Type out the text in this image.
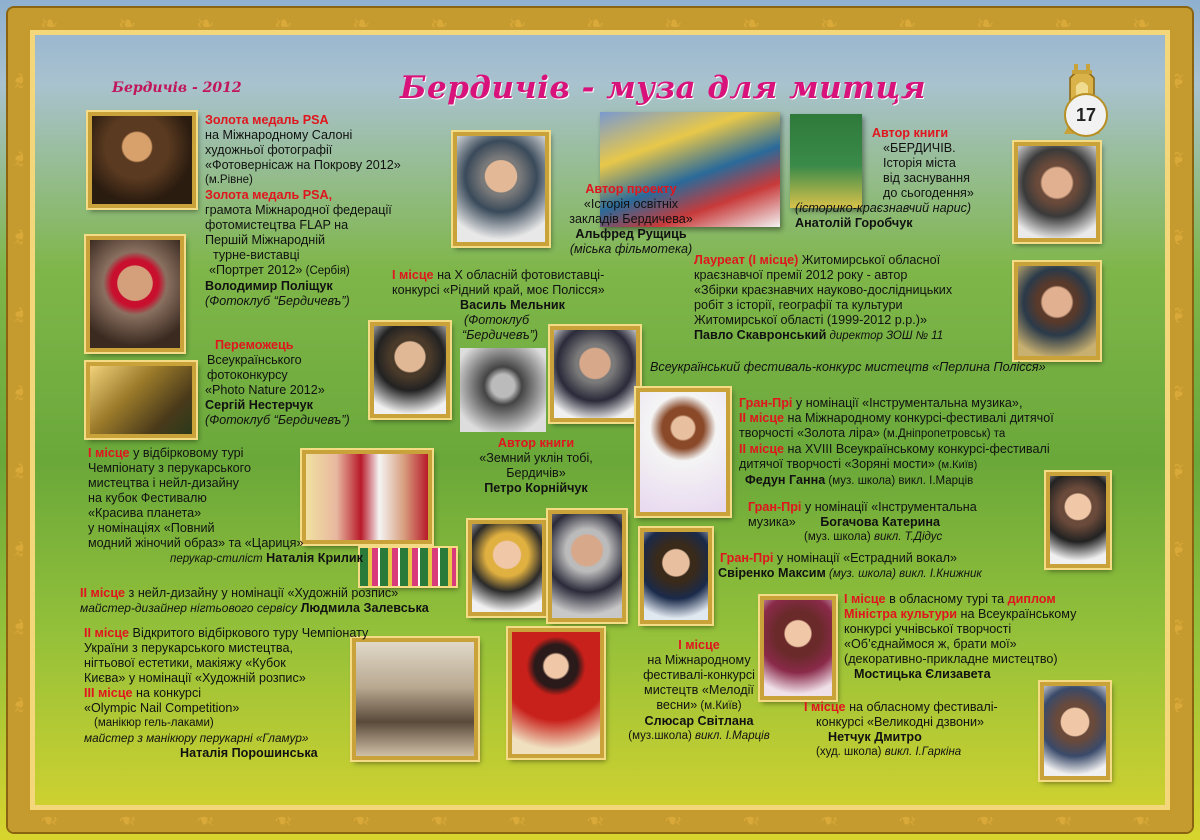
❧
❧
❧
❧
❧
❧
❧
❧
❧
❧
❧
❧
❧
❧
❧
❧
❧
❧
❧
❧
❧
❧
❧
❧
❧
❧
❧
❧
❧
❧
❧	❧
❧	❧
❧	❧
❧	❧
❧	❧
❧	❧
❧	❧
❧	❧
❧	❧
17
Бердичів - 2012	Бердичів - муза для митця
Золота медаль PSA
на Міжнародному Салоні
художньої фотографії
«Фотовернісаж на Покрову 2012»
(м.Рівне)
Золота медаль PSA,
грамота Міжнародної федерації
фотомистецтва FLAP на
Першій Міжнародній
турне-виставці
«Портрет 2012» (Сербія)
Володимир Поліщук
(Фотоклуб “Бердичевъ”)
Автор проекту
«Історія освітніх
закладів Бердичева»
Альфред Рущиць
(міська фільмотека)
Автор книги
«БЕРДИЧІВ.
Історія міста
від заснування
до сьогодення»
(історико-краєзнавчий нарис)
Анатолій Горобчук
І місце на Х обласній фотовиставці-
конкурсі «Рідний край, моє Полісся»
Василь Мельник
(Фотоклуб
“Бердичевъ”)
Лауреат (І місце) Житомирської обласної
краєзнавчої премії 2012 року - автор
«Збірки краєзнавчих науково-дослідницьких
робіт з історії, географії та культури
Житомирської області (1999-2012 р.р.)»
Павло Скавронський директор ЗОШ № 11
Переможець
Всеукраїнського
фотоконкурсу
«Photo Nature 2012»
Сергій Нестерчук
(Фотоклуб “Бердичевъ”)
Всеукраїнський фестиваль-конкурс мистецтв «Перлина Полісся»
Автор книги
«Земний уклін тобі,
Бердичів»
Петро Корнійчук
Гран-Прі у номінації «Інструментальна музика»,
ІІ місце на Міжнародному конкурсі-фестивалі дитячої
творчості «Золота ліра» (м.Дніпропетровськ) та
ІІ місце на XVIII Всеукраїнському конкурсі-фестивалі
дитячої творчості «Зоряні мости» (м.Київ)
Федун Ганна (муз. школа) викл. І.Марців
І місце у відбірковому турі
Чемпіонату з перукарського
мистецтва і нейл-дизайну
на кубок Фестивалю
«Красива планета»
у номінаціях «Повний
модний жіночий образ» та «Цариця»
перукар-стиліст Наталія Крилик
Гран-Прі у номінації «Інструментальна
музика»       Богачова Катерина
(муз. школа) викл. Т.Дідус
Гран-Прі у номінації «Естрадний вокал»
Свіренко Максим (муз. школа) викл. І.Книжник
ІІ місце з нейл-дизайну у номінації «Художній розпис»
майстер-дизайнер нігтьового сервісу Людмила Залевська
І місце в обласному турі та диплом
Міністра культури на Всеукраїнському
конкурсі учнівської творчості
«Об’єднаймося ж, брати мої»
(декоративно-прикладне мистецтво)
Мостицька Єлизавета
ІІ місце Відкритого відбіркового туру Чемпіонату
України з перукарського мистецтва,
нігтьової естетики, макіяжу «Кубок
Києва» у номінації «Художній розпис»
ІІІ місце на конкурсі
«Olympic Nail Competition»
(манікюр гель-лаками)
майстер з манікюру перукарні «Гламур»
Наталія Порошинська
І місце
на Міжнародному
фестивалі-конкурсі
мистецтв «Мелодії
весни» (м.Київ)
Слюсар Світлана
(муз.школа) викл. І.Марців
І місце на обласному фестивалі-
конкурсі «Великодні дзвони»
Нетчук Дмитро
(худ. школа) викл. І.Гаркіна
